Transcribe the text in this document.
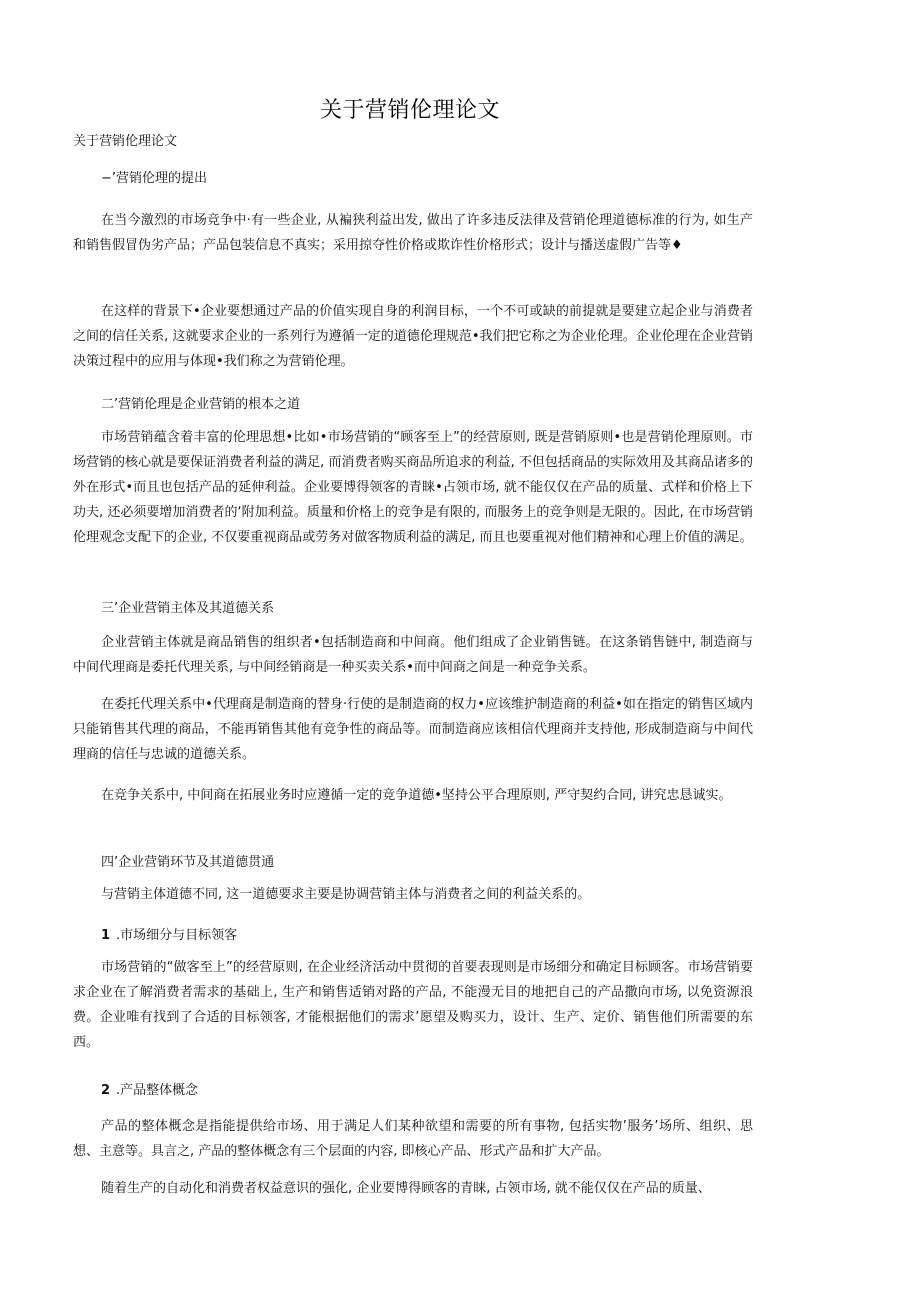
关于营销伦理论文
关于营销伦理论文
−’营销伦理的提出

在当今激烈的市场竞争中·有一些企业, 从褊狭利益出发, 做出了许多违反法律及营销伦理道德标准的行为, 如生产和销售假冒伪劣产品；产品包装信息不真实；采用掠夺性价格或欺诈性价格形式；设计与播送虚假广告等♦

在这样的背景下•企业要想通过产品的价值实现自身的利润目标，一个不可或缺的前提就是要建立起企业与消费者之间的信任关系, 这就要求企业的一系列行为遵循一定的道德伦理规范•我们把它称之为企业伦理。企业伦理在企业营销决策过程中的应用与体现•我们称之为营销伦理。

二’营销伦理是企业营销的根本之道

市场营销蕴含着丰富的伦理思想•比如•市场营销的“顾客至上”的经营原则, 既是营销原则•也是营销伦理原则。市场营销的核心就是要保证消费者利益的满足, 而消费者购买商品所追求的利益, 不但包括商品的实际效用及其商品诸多的外在形式•而且也包括产品的延伸利益。企业要博得领客的青睐•占领市场, 就不能仅仅在产品的质量、式样和价格上下功夫, 还必须要增加消费者的‘附加利益。质量和价格上的竞争是有限的, 而服务上的竞争则是无限的。因此, 在市场营销伦理观念支配下的企业, 不仅要重视商品或劳务对做客物质利益的满足, 而且也要重视对他们精神和心理上价值的满足。

三’企业营销主体及其道德关系

企业营销主体就是商品销售的组织者•包括制造商和中间商。他们组成了企业销售链。在这条销售链中, 制造商与中间代理商是委托代理关系, 与中间经销商是一种买卖关系•而中间商之间是一种竞争关系。

在委托代理关系中•代理商是制造商的替身·行使的是制造商的权力•应该维护制造商的利益•如在指定的销售区域内只能销售其代理的商品，不能再销售其他有竞争性的商品等。而制造商应该相信代理商并支持他, 形成制造商与中间代理商的信任与忠诚的道德关系。

在竞争关系中, 中间商在拓展业务时应遵循一定的竞争道德•坚持公平合理原则, 严守契约合同, 讲究忠恳诚实。

四’企业营销环节及其道德贯通

与营销主体道德不同, 这一道德要求主要是协调营销主体与消费者之间的利益关系的。

1 .市场细分与目标领客

市场营销的“做客至上”的经营原则, 在企业经济活动中贯彻的首要表现则是市场细分和确定目标顾客。市场营销要求企业在了解消费者需求的基础上, 生产和销售适销对路的产品, 不能漫无目的地把自己的产品撒向市场, 以免资源浪费。企业唯有找到了合适的目标领客, 才能根据他们的需求’愿望及购买力，设计、生产、定价、销售他们所需要的东西。

2 .产品整体概念

产品的整体概念是指能提供给市场、用于满足人们某种欲望和需要的所有事物, 包括实物’服务’场所、组织、思想、主意等。具言之, 产品的整体概念有三个层面的内容, 即核心产品、形式产品和扩大产品。

随着生产的自动化和消费者权益意识的强化, 企业要博得顾客的青睐, 占领市场, 就不能仅仅在产品的质量、
